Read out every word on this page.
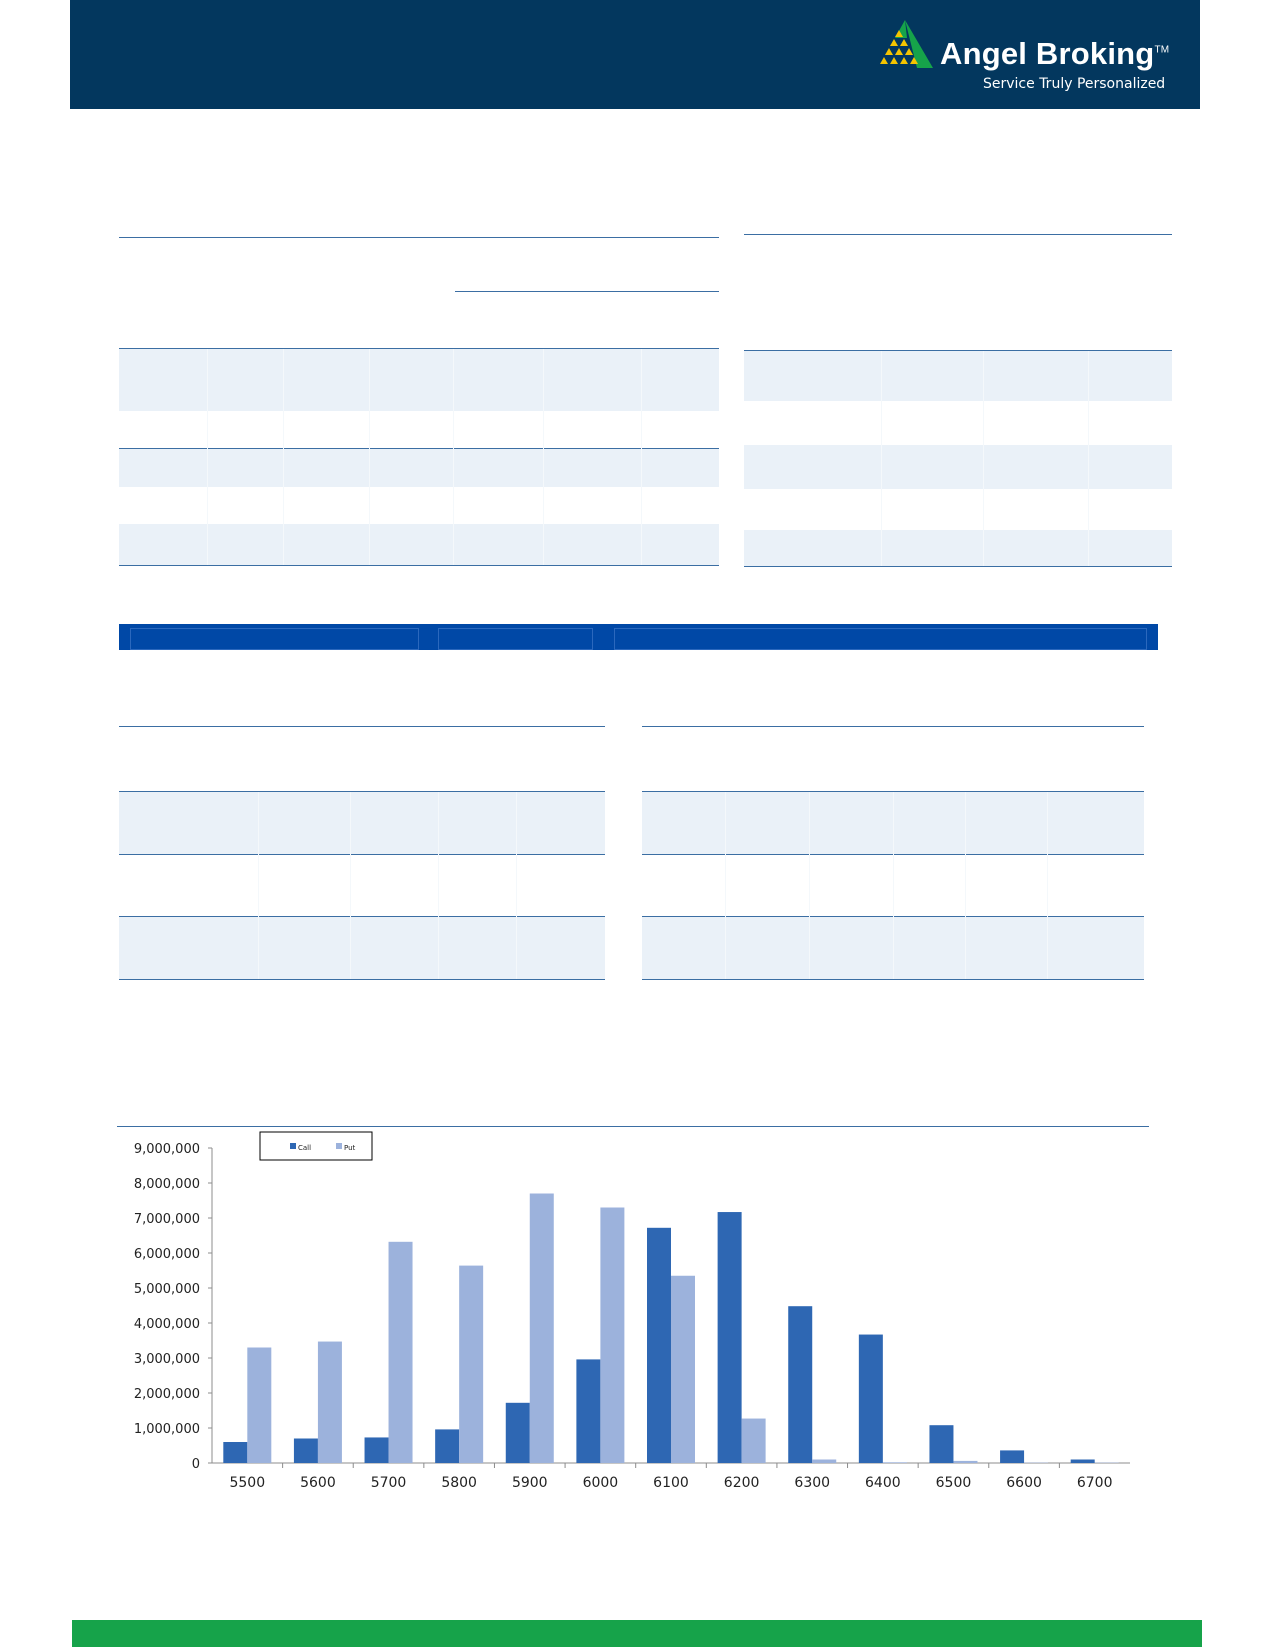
Angel Broking™
Service Truly Personalized
0
1,000,000
2,000,000
3,000,000
4,000,000
5,000,000
6,000,000
7,000,000
8,000,000
9,000,000
5500 5600 5700 5800 5900 6000 6100 6200 6300 6400 6500 6600 6700
Call	Put
